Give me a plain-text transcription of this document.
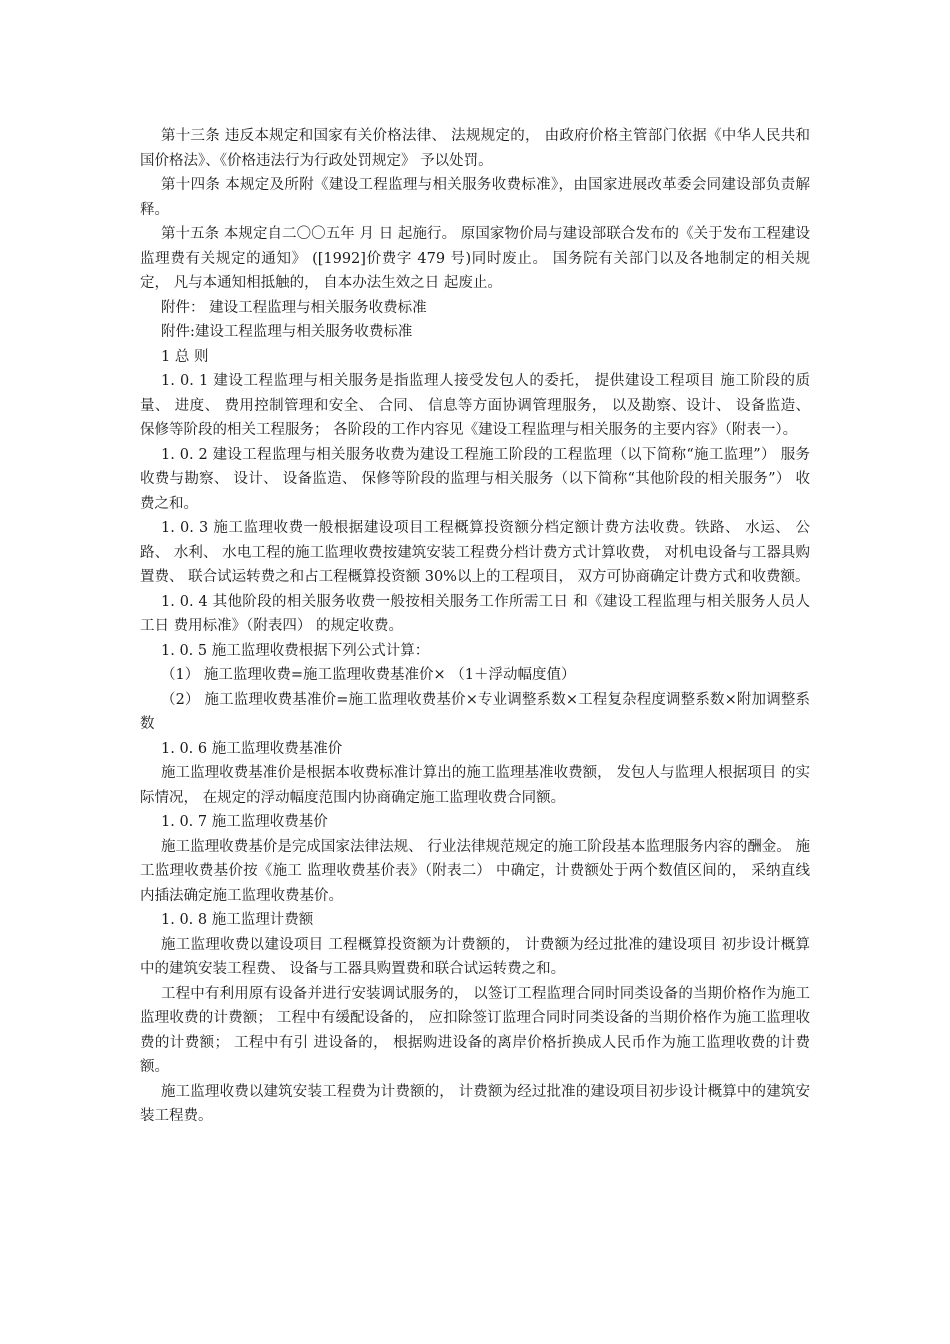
第十三条 违反本规定和国家有关价格法律、 法规规定的， 由政府价格主管部门依据《中华人民共和国价格法》、《价格违法行为行政处罚规定》 予以处罚。

第十四条 本规定及所附《建设工程监理与相关服务收费标准》，由国家进展改革委会同建设部负责解释。

第十五条 本规定自二〇〇五年 月 日 起施行。 原国家物价局与建设部联合发布的《关于发布工程建设监理费有关规定的通知》 ([1992]价费字 479 号)同时废止。 国务院有关部门以及各地制定的相关规定， 凡与本通知相抵触的， 自本办法生效之日 起废止。

附件： 建设工程监理与相关服务收费标准

附件:建设工程监理与相关服务收费标准

1 总 则

1. 0. 1 建设工程监理与相关服务是指监理人接受发包人的委托， 提供建设工程项目 施工阶段的质量、 进度、 费用控制管理和安全、 合同、 信息等方面协调管理服务， 以及勘察、设计、 设备监造、 保修等阶段的相关工程服务； 各阶段的工作内容见《建设工程监理与相关服务的主要内容》（附表一）。

1. 0. 2 建设工程监理与相关服务收费为建设工程施工阶段的工程监理（以下简称“施工监理”） 服务收费与勘察、 设计、 设备监造、 保修等阶段的监理与相关服务（以下简称“其他阶段的相关服务”） 收费之和。

1. 0. 3 施工监理收费一般根据建设项目工程概算投资额分档定额计费方法收费。铁路、 水运、 公路、 水利、 水电工程的施工监理收费按建筑安装工程费分档计费方式计算收费， 对机电设备与工器具购置费、 联合试运转费之和占工程概算投资额 30%以上的工程项目， 双方可协商确定计费方式和收费额。

1. 0. 4 其他阶段的相关服务收费一般按相关服务工作所需工日 和《建设工程监理与相关服务人员人工日 费用标准》（附表四） 的规定收费。

1. 0. 5 施工监理收费根据下列公式计算：

（1） 施工监理收费=施工监理收费基准价× （1＋浮动幅度值）

（2） 施工监理收费基准价=施工监理收费基价×专业调整系数×工程复杂程度调整系数×附加调整系数

1. 0. 6 施工监理收费基准价

施工监理收费基准价是根据本收费标准计算出的施工监理基准收费额， 发包人与监理人根据项目 的实际情况， 在规定的浮动幅度范围内协商确定施工监理收费合同额。

1. 0. 7 施工监理收费基价

施工监理收费基价是完成国家法律法规、 行业法律规范规定的施工阶段基本监理服务内容的酬金。 施工监理收费基价按《施工 监理收费基价表》（附表二） 中确定，计费额处于两个数值区间的， 采纳直线内插法确定施工监理收费基价。

1. 0. 8 施工监理计费额

施工监理收费以建设项目 工程概算投资额为计费额的， 计费额为经过批准的建设项目 初步设计概算中的建筑安装工程费、 设备与工器具购置费和联合试运转费之和。

工程中有利用原有设备并进行安装调试服务的， 以签订工程监理合同时同类设备的当期价格作为施工监理收费的计费额； 工程中有缓配设备的， 应扣除签订监理合同时同类设备的当期价格作为施工监理收费的计费额； 工程中有引 进设备的， 根据购进设备的离岸价格折换成人民币作为施工监理收费的计费额。

施工监理收费以建筑安装工程费为计费额的， 计费额为经过批准的建设项目初步设计概算中的建筑安装工程费。
